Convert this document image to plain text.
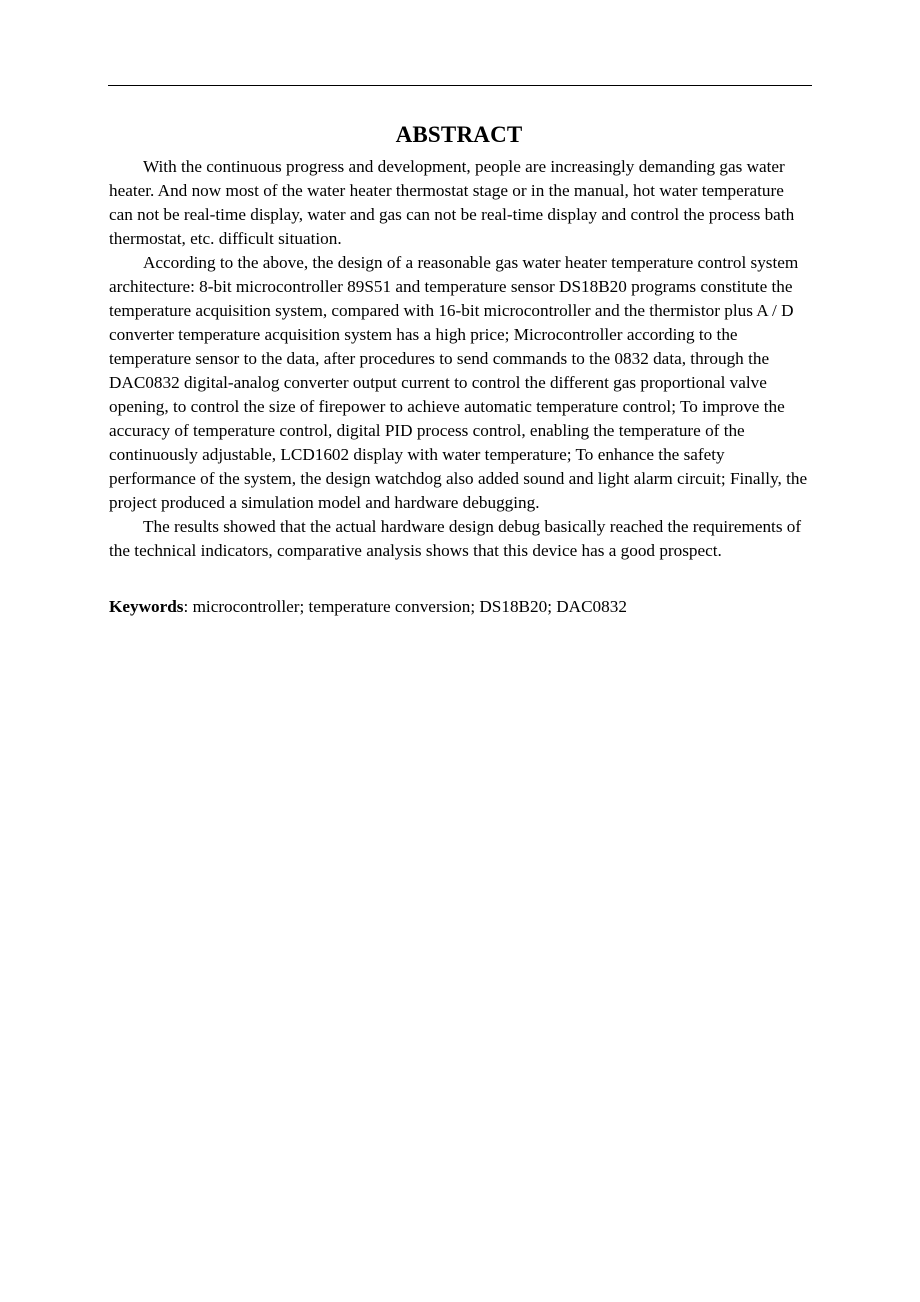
ABSTRACT

With the continuous progress and development, people are increasingly demanding gas water heater. And now most of the water heater thermostat stage or in the manual, hot water temperature can not be real-time display, water and gas can not be real-time display and control the process bath thermostat, etc. difficult situation.

According to the above, the design of a reasonable gas water heater temperature control system architecture: 8-bit microcontroller 89S51 and temperature sensor DS18B20 programs constitute the temperature acquisition system, compared with 16-bit microcontroller and the thermistor plus A / D converter temperature acquisition system has a high price; Microcontroller according to the temperature sensor to the data, after procedures to send commands to the 0832 data, through the DAC0832 digital-analog converter output current to control the different gas proportional valve opening, to control the size of firepower to achieve automatic temperature control; To improve the accuracy of temperature control, digital PID process control, enabling the temperature of the continuously adjustable, LCD1602 display with water temperature; To enhance the safety performance of the system, the design watchdog also added sound and light alarm circuit; Finally, the project produced a simulation model and hardware debugging.

The results showed that the actual hardware design debug basically reached the requirements of the technical indicators, comparative analysis shows that this device has a good prospect.

Keywords: microcontroller; temperature conversion; DS18B20; DAC0832
